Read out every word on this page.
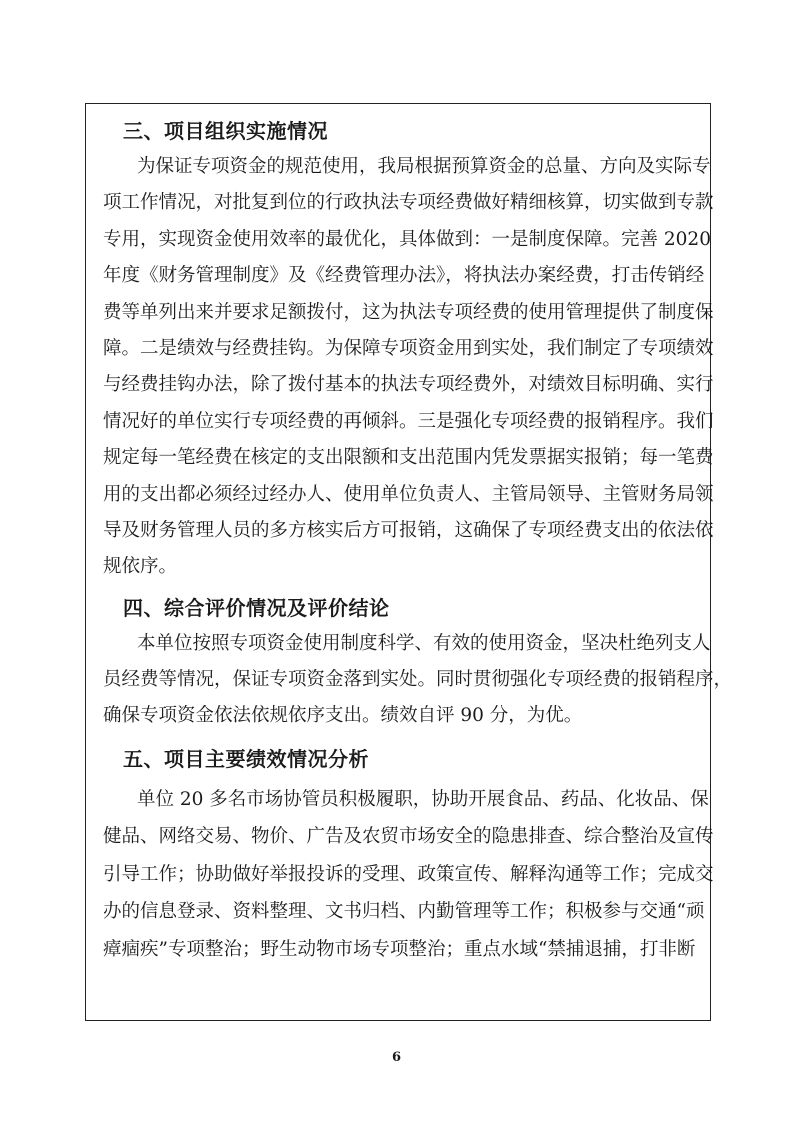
三、项目组织实施情况
为保证专项资金的规范使用，我局根据预算资金的总量、方向及实际专
项工作情况，对批复到位的行政执法专项经费做好精细核算，切实做到专款
专用，实现资金使用效率的最优化，具体做到：一是制度保障。完善 2020
年度《财务管理制度》及《经费管理办法》，将执法办案经费，打击传销经
费等单列出来并要求足额拨付，这为执法专项经费的使用管理提供了制度保
障。二是绩效与经费挂钩。为保障专项资金用到实处，我们制定了专项绩效
与经费挂钩办法，除了拨付基本的执法专项经费外，对绩效目标明确、实行
情况好的单位实行专项经费的再倾斜。三是强化专项经费的报销程序。我们
规定每一笔经费在核定的支出限额和支出范围内凭发票据实报销；每一笔费
用的支出都必须经过经办人、使用单位负责人、主管局领导、主管财务局领
导及财务管理人员的多方核实后方可报销，这确保了专项经费支出的依法依
规依序。
四、综合评价情况及评价结论
本单位按照专项资金使用制度科学、有效的使用资金，坚决杜绝列支人
员经费等情况，保证专项资金落到实处。同时贯彻强化专项经费的报销程序，
确保专项资金依法依规依序支出。绩效自评 90 分，为优。
五、项目主要绩效情况分析
单位 20 多名市场协管员积极履职，协助开展食品、药品、化妆品、保
健品、网络交易、物价、广告及农贸市场安全的隐患排查、综合整治及宣传
引导工作；协助做好举报投诉的受理、政策宣传、解释沟通等工作；完成交
办的信息登录、资料整理、文书归档、内勤管理等工作；积极参与交通“顽
瘴痼疾”专项整治；野生动物市场专项整治；重点水域“禁捕退捕，打非断
6
